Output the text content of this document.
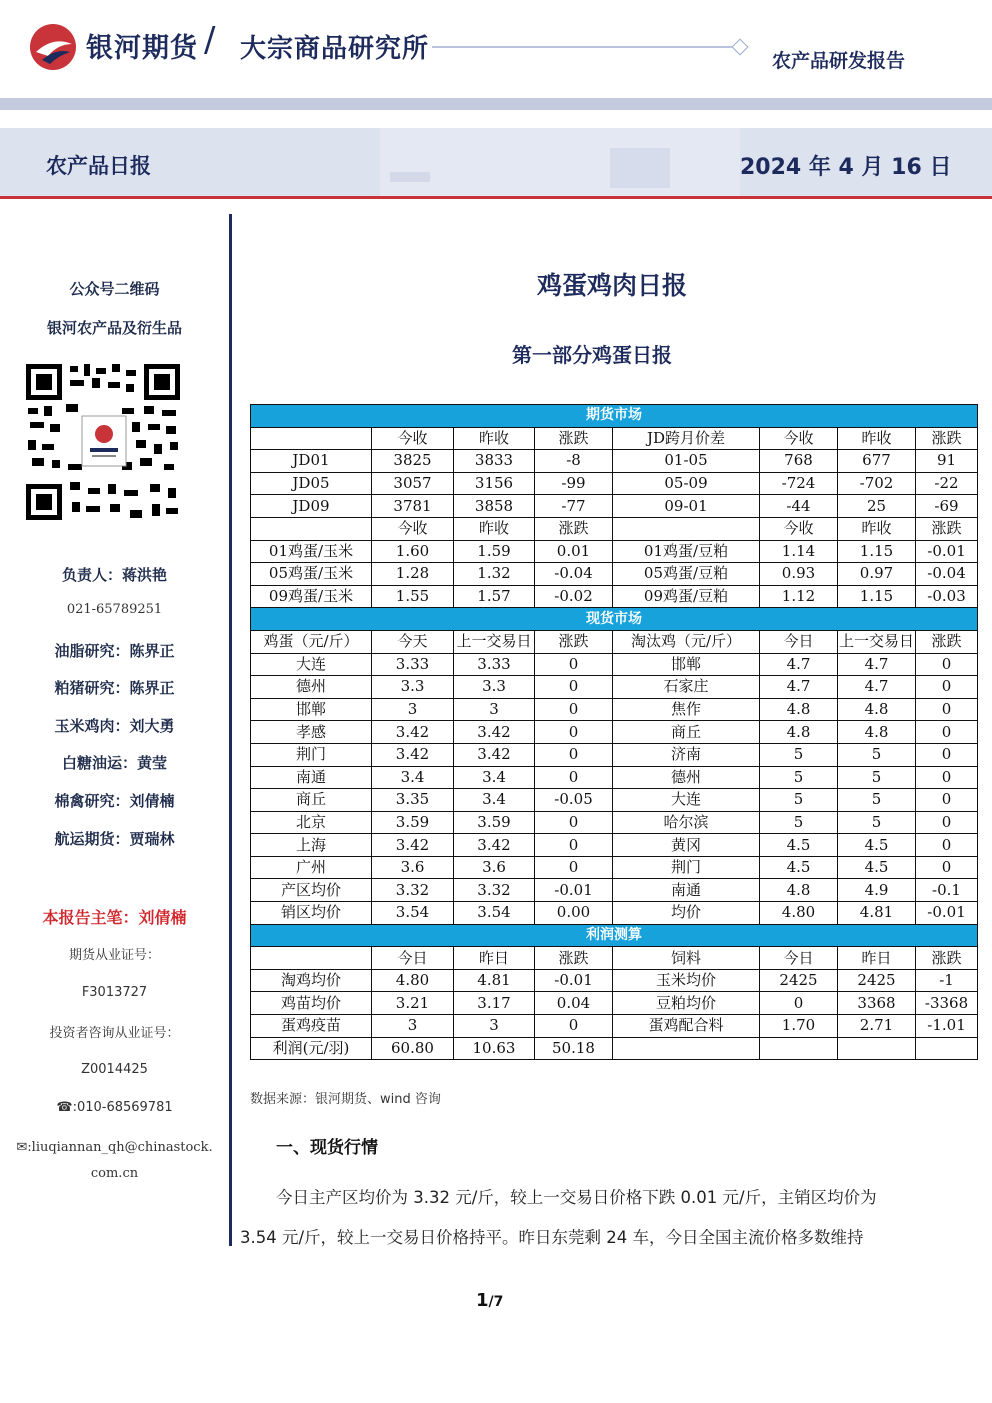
银河期货 / 大宗商品研究所	农产品研发报告
农产品日报	2024 年 4 月 16 日
公众号二维码
银河农产品及衍生品
负责人：蒋洪艳
021-65789251
油脂研究：陈界正
粕猪研究：陈界正
玉米鸡肉：刘大勇
白糖油运：黄莹
棉禽研究：刘倩楠
航运期货：贾瑞林
本报告主笔：刘倩楠
期货从业证号：
F3013727
投资者咨询从业证号：
Z0014425
☎:010-68569781
✉:liuqiannan_qh@chinastock.
com.cn
鸡蛋鸡肉日报
第一部分鸡蛋日报
期货市场							
	今收	昨收	涨跌	JD跨月价差	今收	昨收	涨跌
JD01	3825	3833	-8	01-05	768	677	91
JD05	3057	3156	-99	05-09	-724	-702	-22
JD09	3781	3858	-77	09-01	-44	25	-69
	今收	昨收	涨跌		今收	昨收	涨跌
01鸡蛋/玉米	1.60	1.59	0.01	01鸡蛋/豆粕	1.14	1.15	-0.01
05鸡蛋/玉米	1.28	1.32	-0.04	05鸡蛋/豆粕	0.93	0.97	-0.04
09鸡蛋/玉米	1.55	1.57	-0.02	09鸡蛋/豆粕	1.12	1.15	-0.03
现货市场							
鸡蛋（元/斤）	今天	上一交易日	涨跌	淘汰鸡（元/斤）	今日	上一交易日	涨跌
大连	3.33	3.33	0	邯郸	4.7	4.7	0
德州	3.3	3.3	0	石家庄	4.7	4.7	0
邯郸	3	3	0	焦作	4.8	4.8	0
孝感	3.42	3.42	0	商丘	4.8	4.8	0
荆门	3.42	3.42	0	济南	5	5	0
南通	3.4	3.4	0	德州	5	5	0
商丘	3.35	3.4	-0.05	大连	5	5	0
北京	3.59	3.59	0	哈尔滨	5	5	0
上海	3.42	3.42	0	黄冈	4.5	4.5	0
广州	3.6	3.6	0	荆门	4.5	4.5	0
产区均价	3.32	3.32	-0.01	南通	4.8	4.9	-0.1
销区均价	3.54	3.54	0.00	均价	4.80	4.81	-0.01
利润测算							
	今日	昨日	涨跌	饲料	今日	昨日	涨跌
淘鸡均价	4.80	4.81	-0.01	玉米均价	2425	2425	-1
鸡苗均价	3.21	3.17	0.04	豆粕均价	0	3368	-3368
蛋鸡疫苗	3	3	0	蛋鸡配合料	1.70	2.71	-1.01
利润(元/羽)	60.80	10.63	50.18				
数据来源：银河期货、wind 咨询
一、现货行情
今日主产区均价为 3.32 元/斤，较上一交易日价格下跌 0.01 元/斤，主销区均价为
3.54 元/斤，较上一交易日价格持平。昨日东莞剩 24 车，今日全国主流价格多数维持
1/7
